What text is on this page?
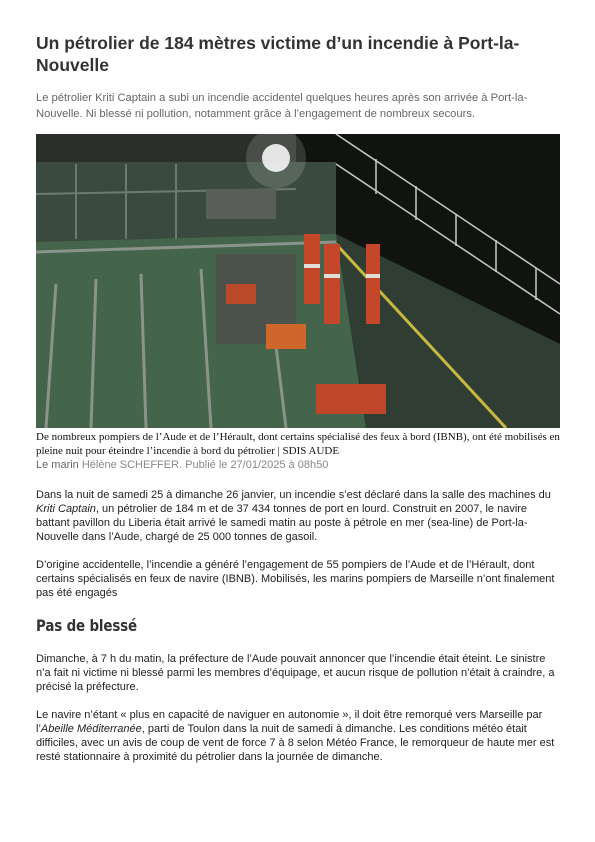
Un pétrolier de 184 mètres victime d’un incendie à Port-la-Nouvelle

Le pétrolier Kriti Captain a subi un incendie accidentel quelques heures après son arrivée à Port-la-Nouvelle. Ni blessé ni pollution, notamment grâce à l’engagement de nombreux secours.

De nombreux pompiers de l’Aude et de l’Hérault, dont certains spécialisé des feux à bord (IBNB), ont été mobilisés en pleine nuit pour éteindre l’incendie à bord du pétrolier | SDIS AUDE

Le marin Hélène SCHEFFER. Publié le 27/01/2025 à 08h50

Dans la nuit de samedi 25 à dimanche 26 janvier, un incendie s’est déclaré dans la salle des machines du Kriti Captain, un pétrolier de 184 m et de 37 434 tonnes de port en lourd. Construit en 2007, le navire battant pavillon du Liberia était arrivé le samedi matin au poste à pétrole en mer (sea-line) de Port-la-Nouvelle dans l’Aude, chargé de 25 000 tonnes de gasoil.

D’origine accidentelle, l’incendie a généré l’engagement de 55 pompiers de l’Aude et de l’Hérault, dont certains spécialisés en feux de navire (IBNB). Mobilisés, les marins pompiers de Marseille n’ont finalement pas été engagés

Pas de blessé

Dimanche, à 7 h du matin, la préfecture de l’Aude pouvait annoncer que l’incendie était éteint. Le sinistre n’a fait ni victime ni blessé parmi les membres d’équipage, et aucun risque de pollution n’était à craindre, a précisé la préfecture.

Le navire n’étant « plus en capacité de naviguer en autonomie », il doit être remorqué vers Marseille par l’Abeille Méditerranée, parti de Toulon dans la nuit de samedi à dimanche. Les conditions météo était difficiles, avec un avis de coup de vent de force 7 à 8 selon Météo France, le remorqueur de haute mer est resté stationnaire à proximité du pétrolier dans la journée de dimanche.
